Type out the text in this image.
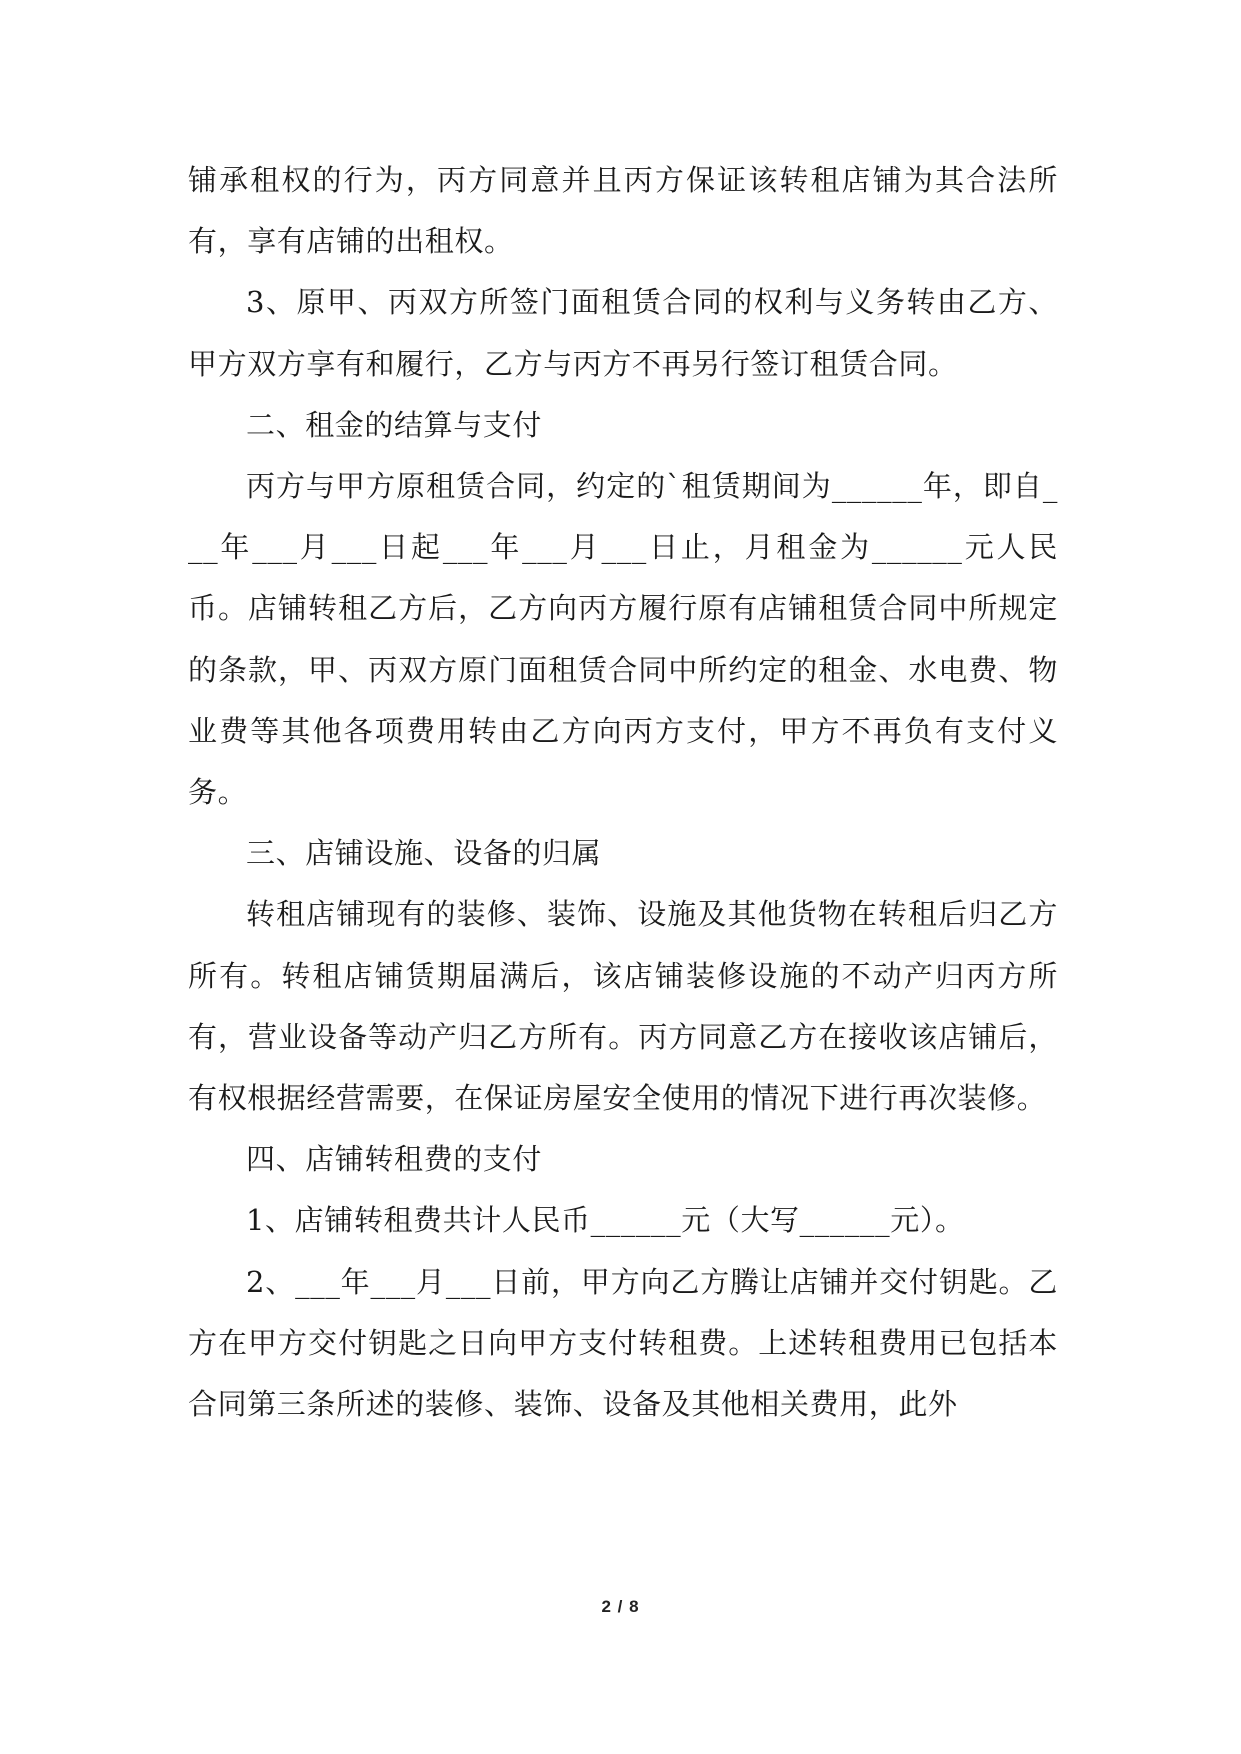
铺承租权的行为，丙方同意并且丙方保证该转租店铺为其合法所有，享有店铺的出租权。

3、原甲、丙双方所签门面租赁合同的权利与义务转由乙方、甲方双方享有和履行，乙方与丙方不再另行签订租赁合同。

二、租金的结算与支付

丙方与甲方原租赁合同，约定的`租赁期间为______年，即自___年___月___日起___年___月___日止，月租金为______元人民币。店铺转租乙方后，乙方向丙方履行原有店铺租赁合同中所规定的条款，甲、丙双方原门面租赁合同中所约定的租金、水电费、物业费等其他各项费用转由乙方向丙方支付，甲方不再负有支付义务。

三、店铺设施、设备的归属

转租店铺现有的装修、装饰、设施及其他货物在转租后归乙方所有。转租店铺赁期届满后，该店铺装修设施的不动产归丙方所有，营业设备等动产归乙方所有。丙方同意乙方在接收该店铺后，有权根据经营需要，在保证房屋安全使用的情况下进行再次装修。

四、店铺转租费的支付

1、店铺转租费共计人民币______元（大写______元）。

2、___年___月___日前，甲方向乙方腾让店铺并交付钥匙。乙方在甲方交付钥匙之日向甲方支付转租费。上述转租费用已包括本合同第三条所述的装修、装饰、设备及其他相关费用，此外

2 / 8
